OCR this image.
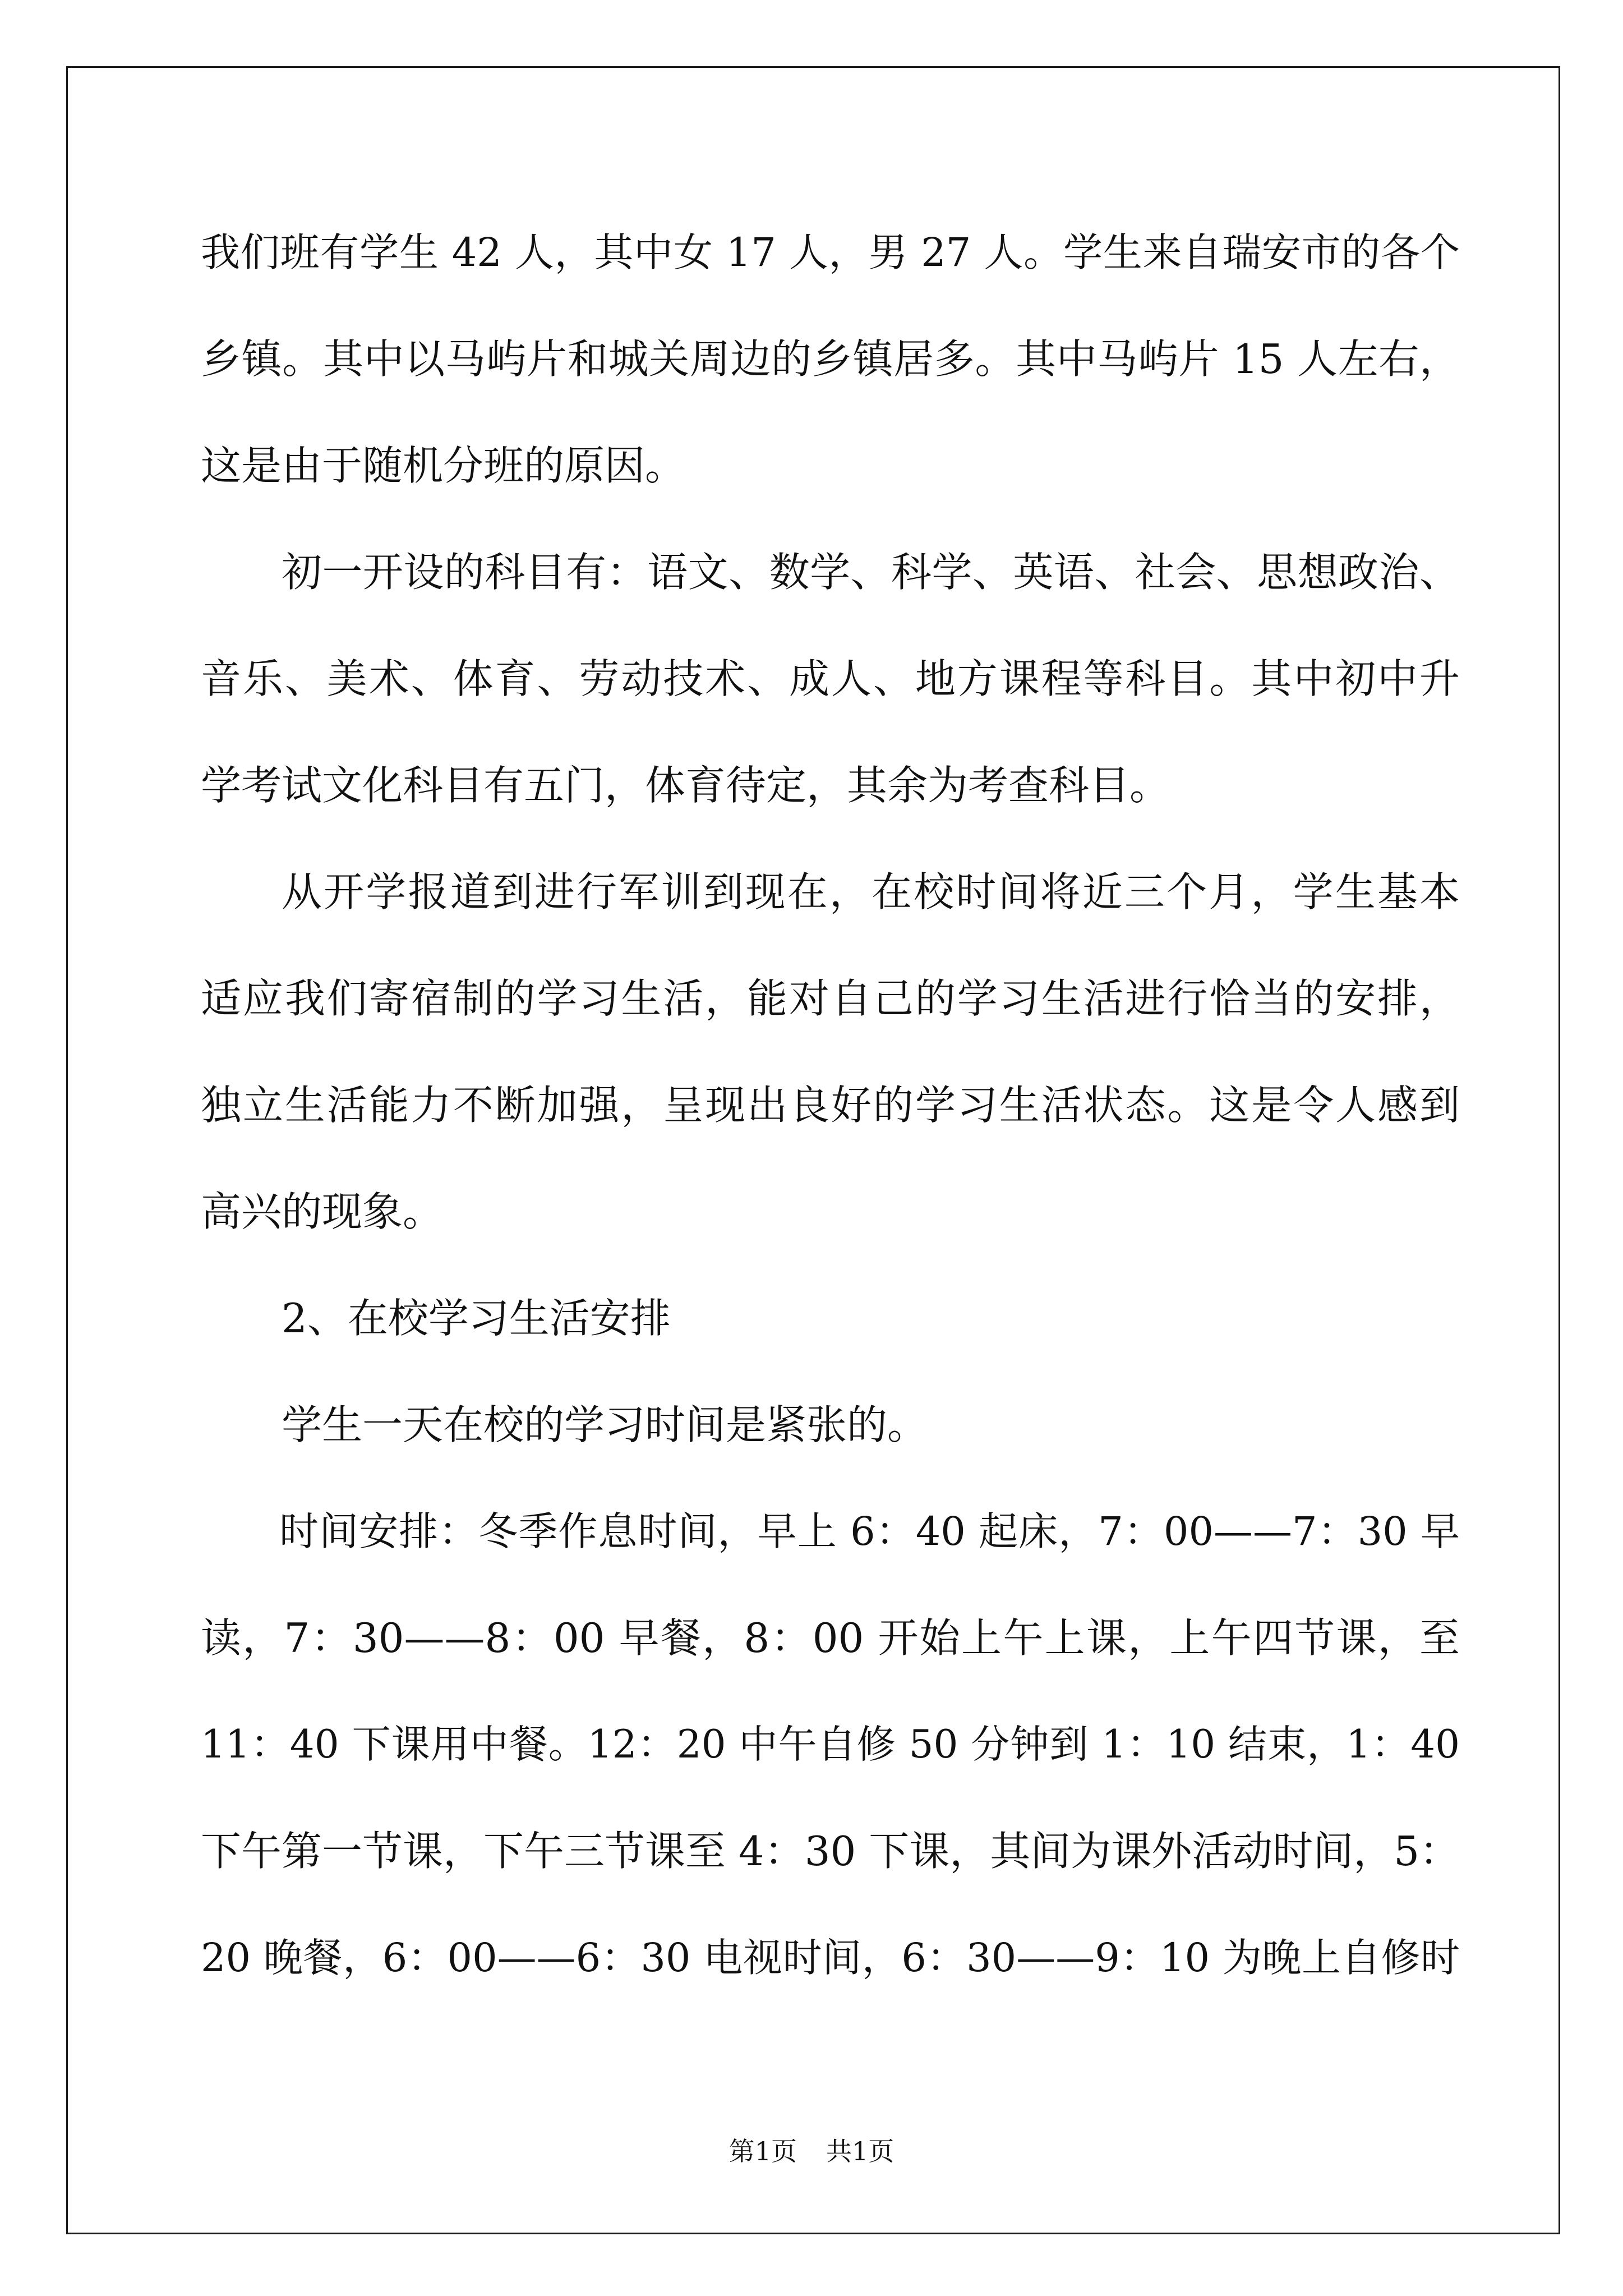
我们班有学生 42 人，其中女 17 人，男 27 人。学生来自瑞安市的各个
乡镇。其中以马屿片和城关周边的乡镇居多。其中马屿片 15 人左右，
这是由于随机分班的原因。
初一开设的科目有：语文、数学、科学、英语、社会、思想政治、
音乐、美术、体育、劳动技术、成人、地方课程等科目。其中初中升
学考试文化科目有五门，体育待定，其余为考查科目。
从开学报道到进行军训到现在，在校时间将近三个月，学生基本
适应我们寄宿制的学习生活，能对自己的学习生活进行恰当的安排，
独立生活能力不断加强，呈现出良好的学习生活状态。这是令人感到
高兴的现象。
2、在校学习生活安排
学生一天在校的学习时间是紧张的。
时间安排：冬季作息时间，早上 6：40 起床，7：00——7：30 早
读，7：30——8：00 早餐，8：00 开始上午上课，上午四节课，至
11：40 下课用中餐。12：20 中午自修 50 分钟到 1：10 结束，1：40
下午第一节课，下午三节课至 4：30 下课，其间为课外活动时间，5：
20 晚餐，6：00——6：30 电视时间，6：30——9：10 为晚上自修时
第1页 共1页
